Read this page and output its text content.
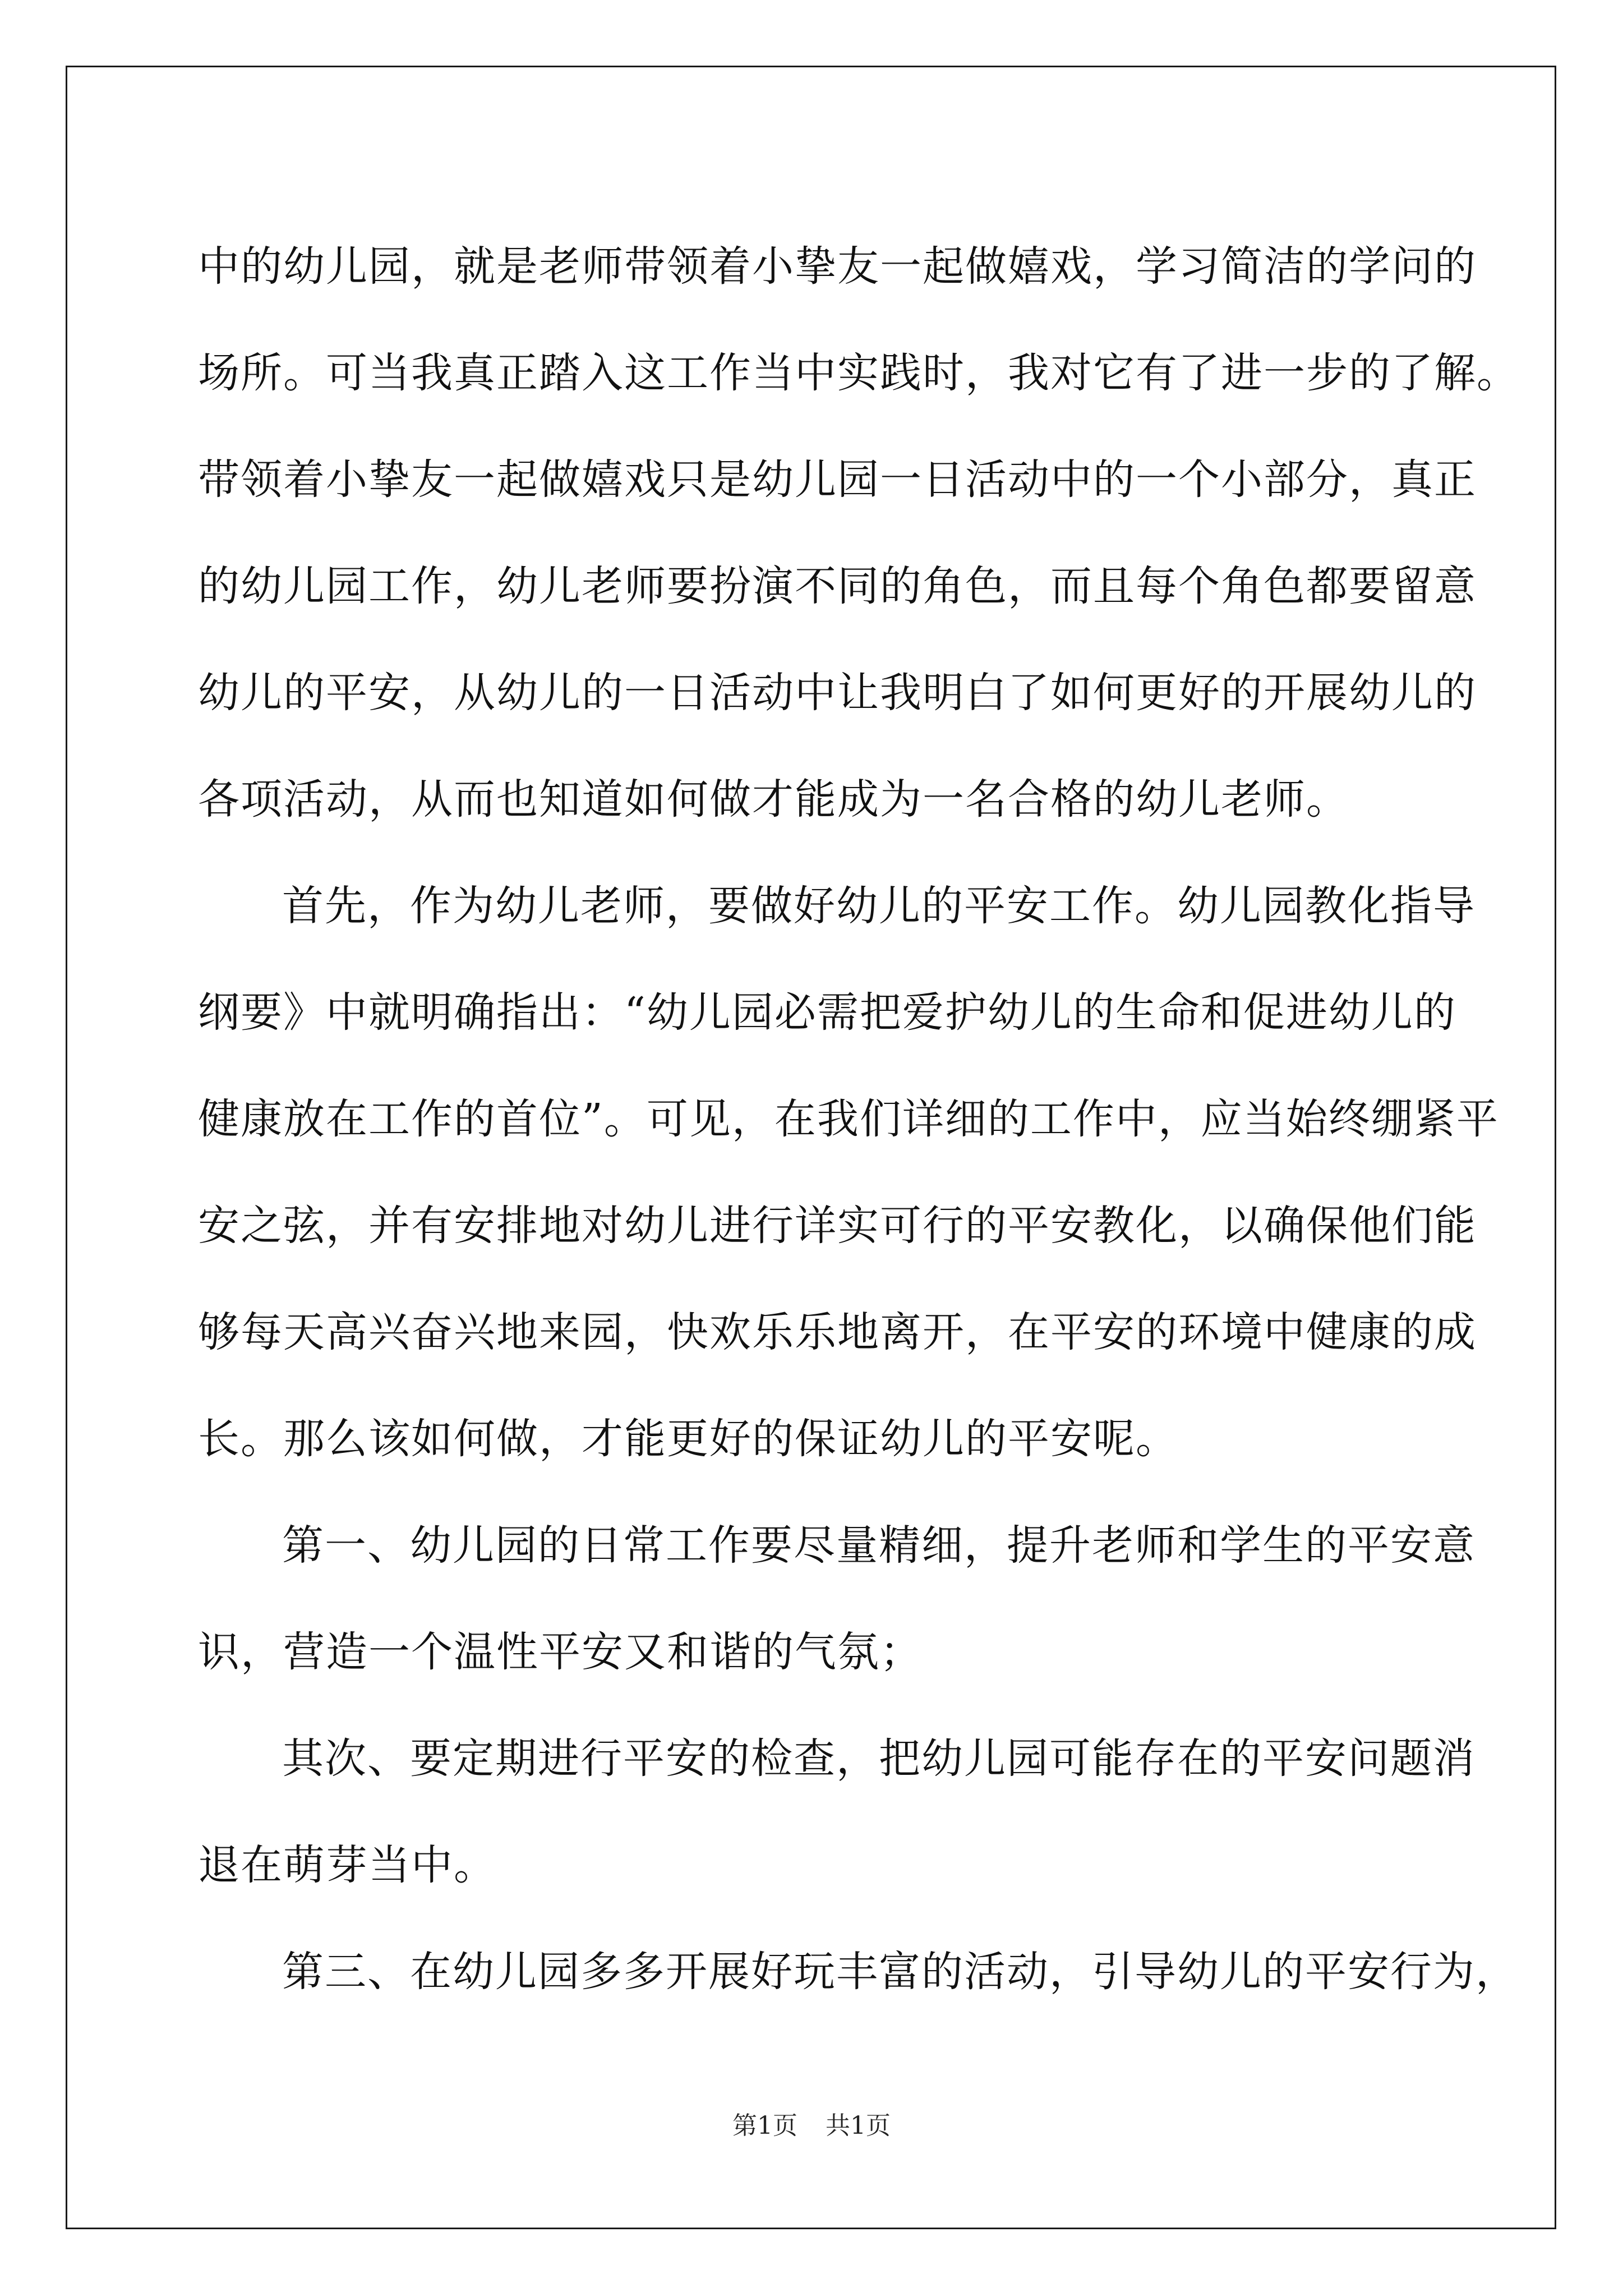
中的幼儿园，就是老师带领着小挚友一起做嬉戏，学习简洁的学问的
场所。可当我真正踏入这工作当中实践时，我对它有了进一步的了解。
带领着小挚友一起做嬉戏只是幼儿园一日活动中的一个小部分，真正
的幼儿园工作，幼儿老师要扮演不同的角色，而且每个角色都要留意
幼儿的平安，从幼儿的一日活动中让我明白了如何更好的开展幼儿的
各项活动，从而也知道如何做才能成为一名合格的幼儿老师。
首先，作为幼儿老师，要做好幼儿的平安工作。幼儿园教化指导
纲要》中就明确指出：“幼儿园必需把爱护幼儿的生命和促进幼儿的
健康放在工作的首位”。可见，在我们详细的工作中，应当始终绷紧平
安之弦，并有安排地对幼儿进行详实可行的平安教化，以确保他们能
够每天高兴奋兴地来园，快欢乐乐地离开，在平安的环境中健康的成
长。那么该如何做，才能更好的保证幼儿的平安呢。
第一、幼儿园的日常工作要尽量精细，提升老师和学生的平安意
识，营造一个温性平安又和谐的气氛；
其次、要定期进行平安的检查，把幼儿园可能存在的平安问题消
退在萌芽当中。
第三、在幼儿园多多开展好玩丰富的活动，引导幼儿的平安行为，
第1页 共1页
